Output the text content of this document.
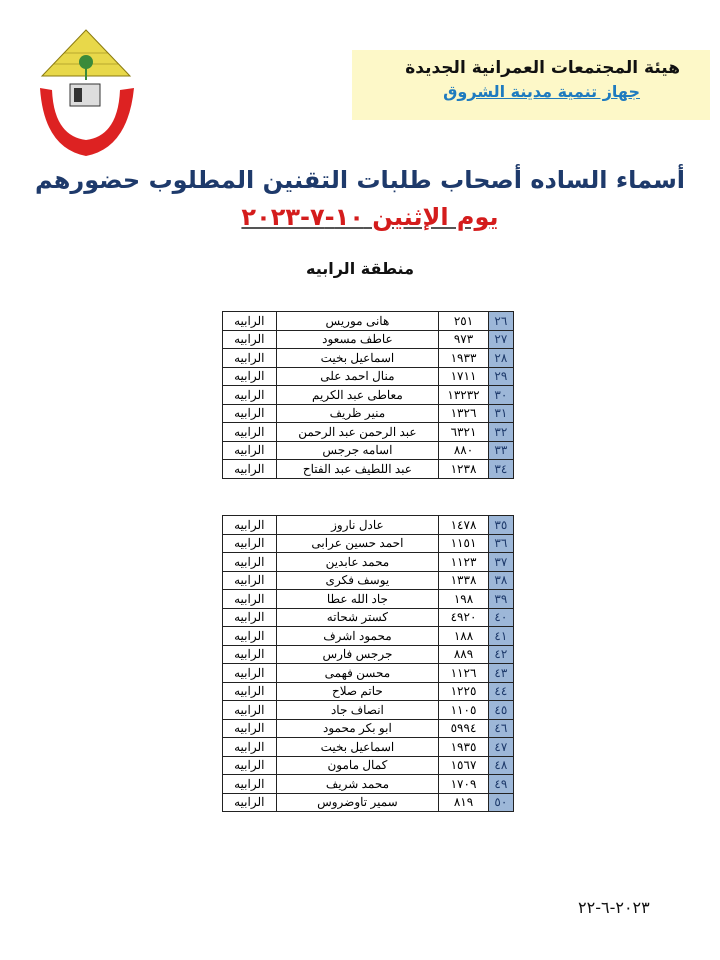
هيئة المجتمعات العمرانية الجديدة
جهاز تنمية مدينة الشروق
أسماء الساده أصحاب طلبات التقنين المطلوب حضورهم
يوم الإثنين ١٠-٧-٢٠٢٣
منطقة الرابيه
٢٦	٢٥١	هانى موريس	الرابيه
٢٧	٩٧٣	عاطف مسعود	الرابيه
٢٨	١٩٣٣	اسماعيل بخيت	الرابيه
٢٩	١٧١١	منال احمد على	الرابيه
٣٠	١٣٢٣٢	معاطى عبد الكريم	الرابيه
٣١	١٣٢٦	منير ظريف	الرابيه
٣٢	٦٣٢١	عبد الرحمن عبد الرحمن	الرابيه
٣٣	٨٨٠	اسامه جرجس	الرابيه
٣٤	١٢٣٨	عبد اللطيف عبد الفتاح	الرابيه
٣٥	١٤٧٨	عادل ناروز	الرابيه
٣٦	١١٥١	احمد حسين عرابى	الرابيه
٣٧	١١٢٣	محمد عابدين	الرابيه
٣٨	١٣٣٨	يوسف فكرى	الرابيه
٣٩	١٩٨	جاد الله عطا	الرابيه
٤٠	٤٩٢٠	كستر شحاته	الرابيه
٤١	١٨٨	محمود اشرف	الرابيه
٤٢	٨٨٩	جرجس فارس	الرابيه
٤٣	١١٢٦	محسن فهمى	الرابيه
٤٤	١٢٢٥	حاتم صلاح	الرابيه
٤٥	١١٠٥	انصاف جاد	الرابيه
٤٦	٥٩٩٤	ابو بكر محمود	الرابيه
٤٧	١٩٣٥	اسماعيل بخيت	الرابيه
٤٨	١٥٦٧	كمال مامون	الرابيه
٤٩	١٧٠٩	محمد شريف	الرابيه
٥٠	٨١٩	سمير تاوضروس	الرابيه
٢٠٢٣-٦-٢٢
